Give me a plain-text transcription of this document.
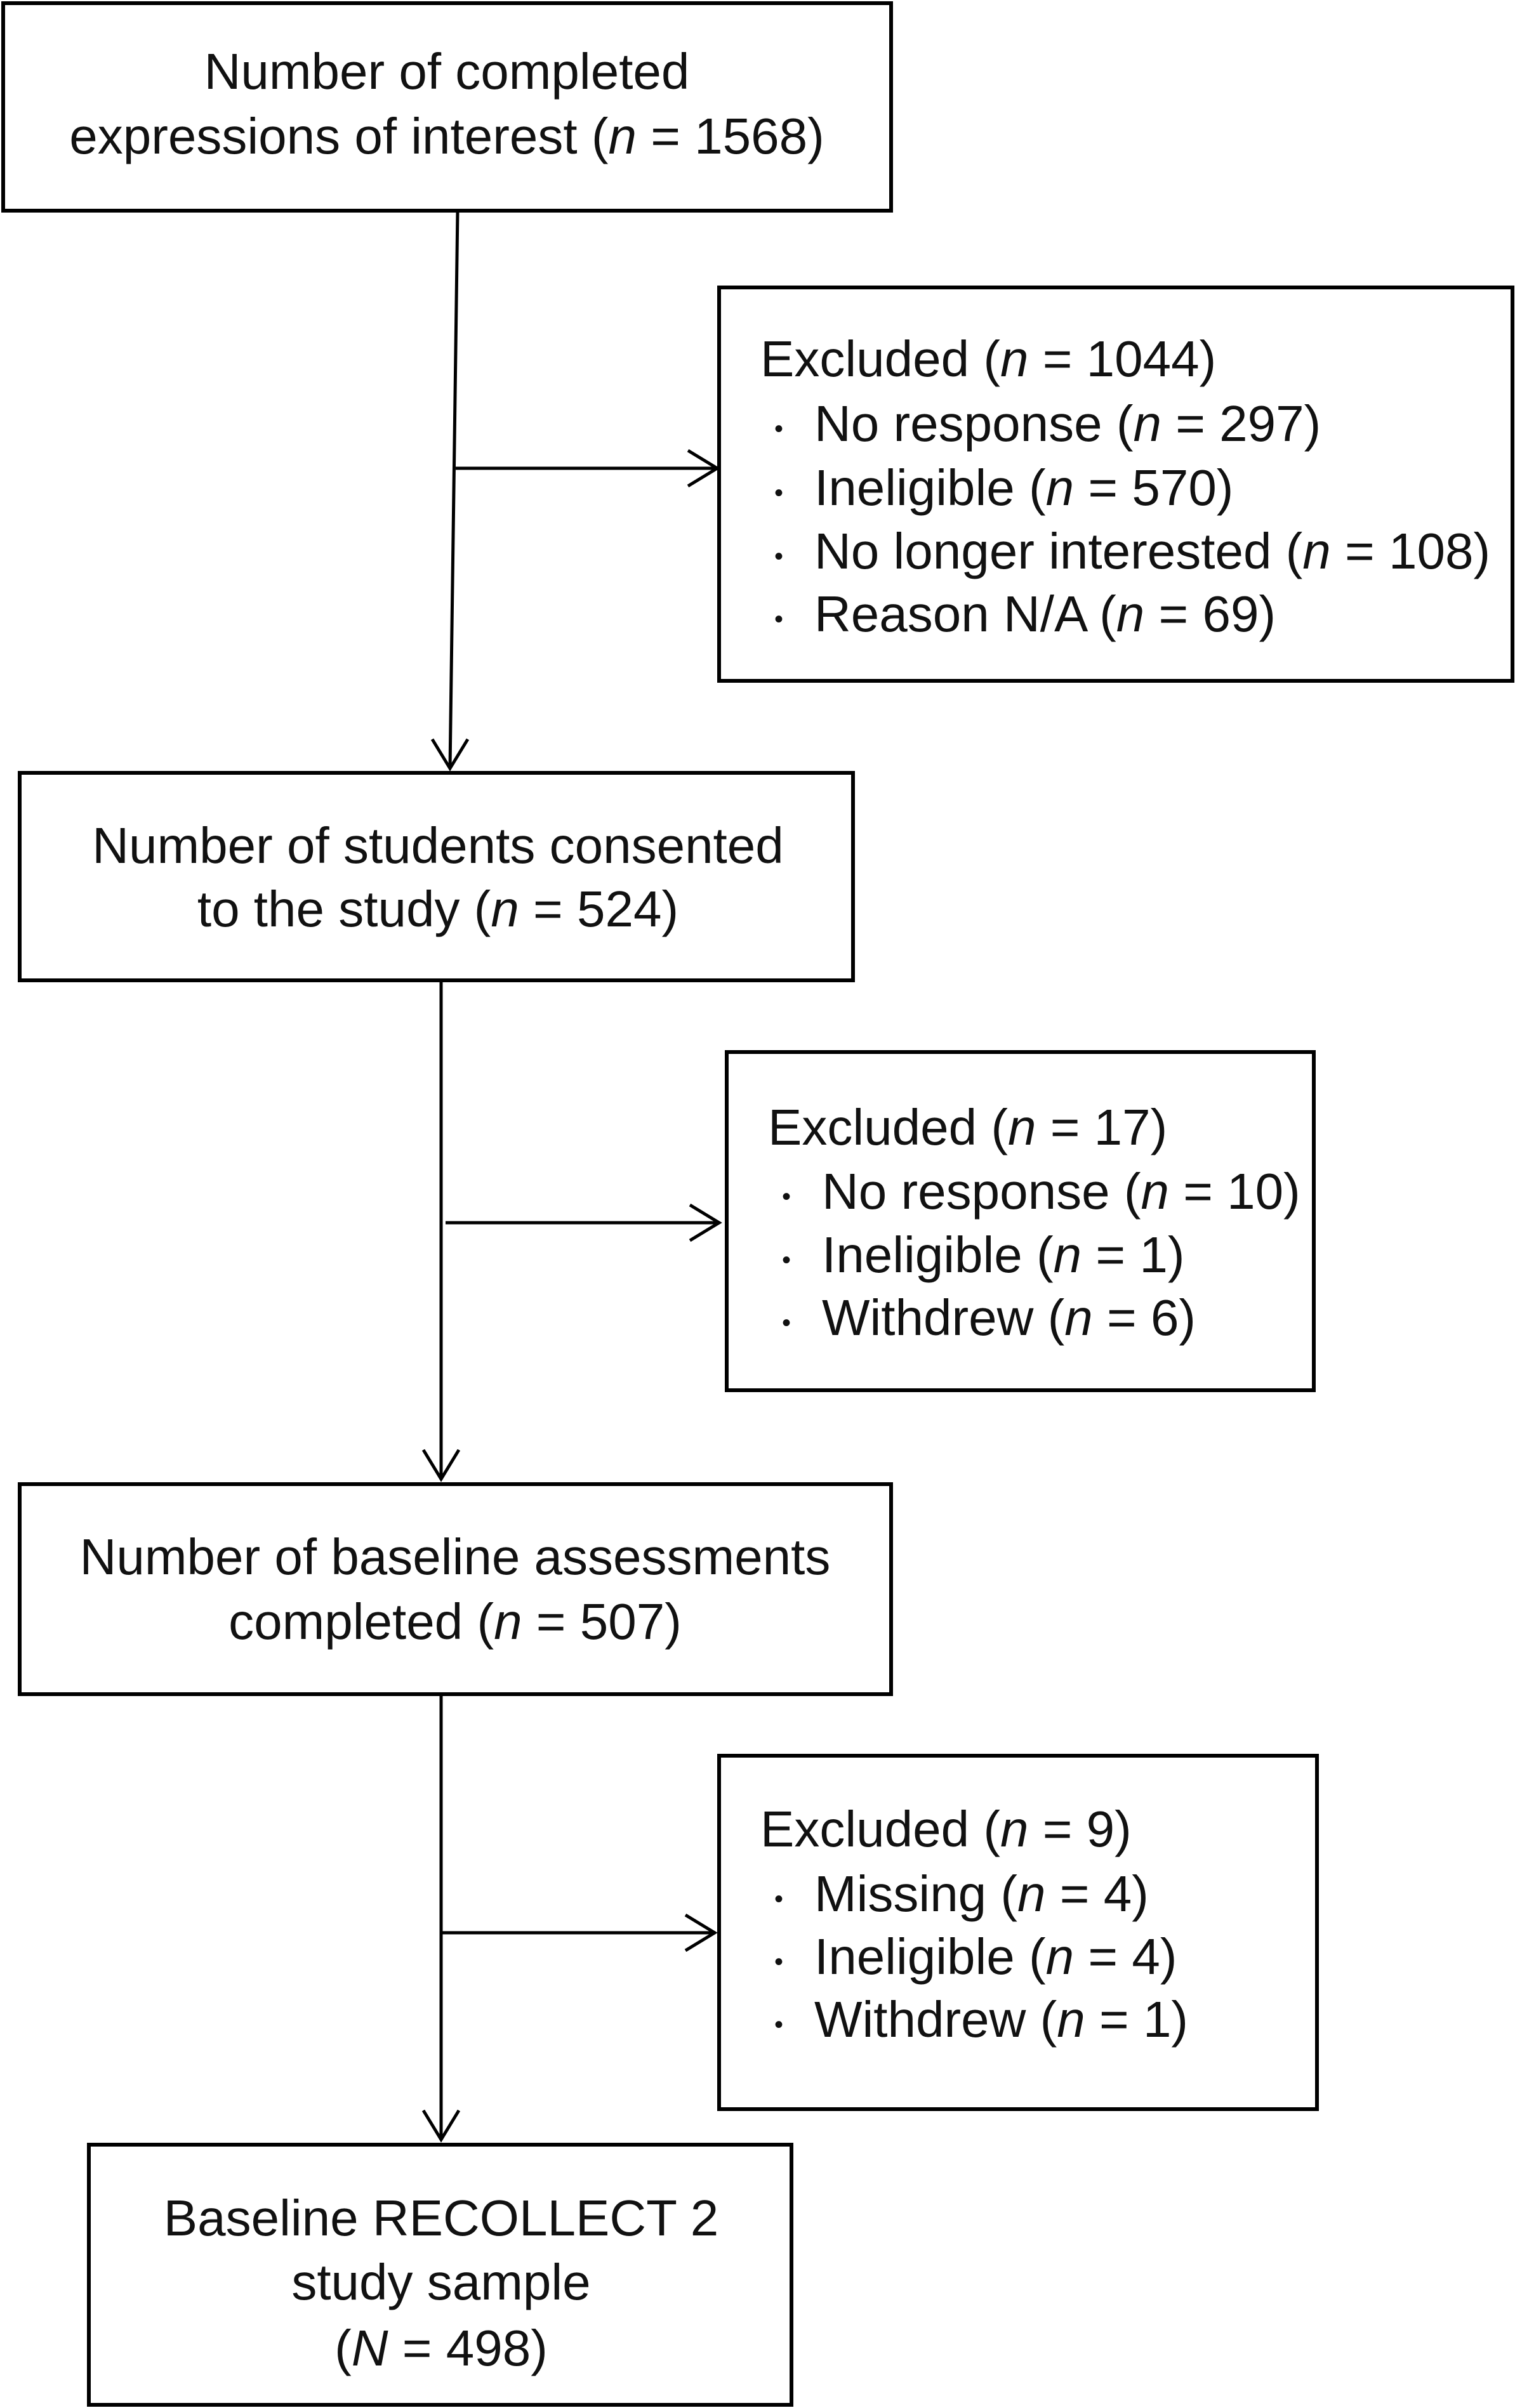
Number of completed
expressions of interest (n = 1568)
Number of students consented
to the study (n = 524)
Number of baseline assessments
completed (n = 507)
Baseline RECOLLECT 2
study sample
(N = 498)
Excluded (n = 1044)
• No response (n = 297)
• Ineligible (n = 570)
• No longer interested (n = 108)
• Reason N/A (n = 69)
Excluded (n = 17)
• No response (n = 10)
• Ineligible (n = 1)
• Withdrew (n = 6)
Excluded (n = 9)
• Missing (n = 4)
• Ineligible (n = 4)
• Withdrew (n = 1)
